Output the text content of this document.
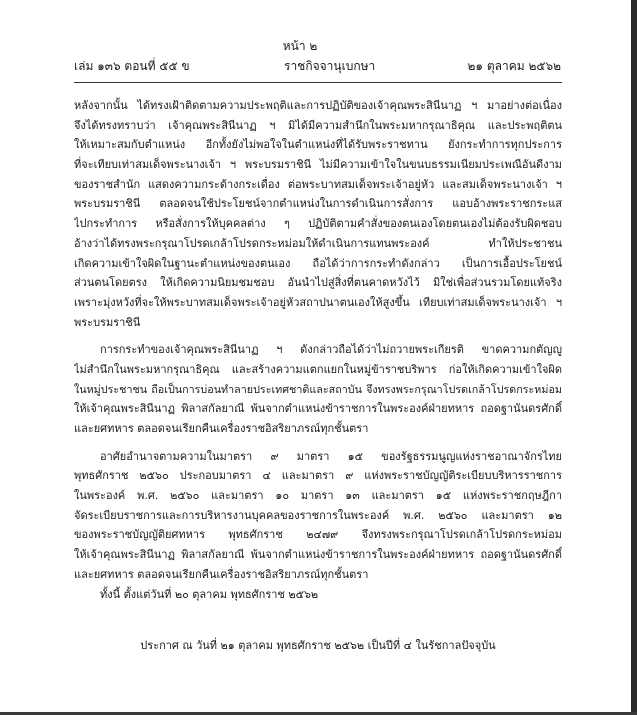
หน้า ๒
เล่ม ๑๓๖ ตอนที่ ๕๕ ข	ราชกิจจานุเบกษา	๒๑ ตุลาคม ๒๕๖๒
หลังจากนั้น ได้ทรงเฝ้าติดตามความประพฤติและการปฏิบัติของเจ้าคุณพระสินีนาฏ ฯ มาอย่างต่อเนื่อง
จึงได้ทรงทราบว่า เจ้าคุณพระสินีนาฏ ฯ มิได้มีความสำนึกในพระมหากรุณาธิคุณ และประพฤติตน
ให้เหมาะสมกับตำแหน่ง อีกทั้งยังไม่พอใจในตำแหน่งที่ได้รับพระราชทาน ยังกระทำการทุกประการ
ที่จะเทียบเท่าสมเด็จพระนางเจ้า ฯ พระบรมราชินี ไม่มีความเข้าใจในขนบธรรมเนียมประเพณีอันดีงาม
ของราชสำนัก แสดงความกระด้างกระเดื่อง ต่อพระบาทสมเด็จพระเจ้าอยู่หัว และสมเด็จพระนางเจ้า ฯ
พระบรมราชินี ตลอดจนใช้ประโยชน์จากตำแหน่งในการดำเนินการสั่งการ แอบอ้างพระราชกระแส
ไปกระทำการ หรือสั่งการให้บุคคลต่าง ๆ ปฏิบัติตามคำสั่งของตนเองโดยตนเองไม่ต้องรับผิดชอบ
อ้างว่าได้ทรงพระกรุณาโปรดเกล้าโปรดกระหม่อมให้ดำเนินการแทนพระองค์ ทำให้ประชาชน
เกิดความเข้าใจผิดในฐานะตำแหน่งของตนเอง ถือได้ว่าการกระทำดังกล่าว เป็นการเอื้อประโยชน์
ส่วนตนโดยตรง ให้เกิดความนิยมชมชอบ อันนำไปสู่สิ่งที่ตนคาดหวังไว้ มิใช่เพื่อส่วนรวมโดยแท้จริง
เพราะมุ่งหวังที่จะให้พระบาทสมเด็จพระเจ้าอยู่หัวสถาปนาตนเองให้สูงขึ้น เทียบเท่าสมเด็จพระนางเจ้า ฯ
พระบรมราชินี
การกระทำของเจ้าคุณพระสินีนาฏ ฯ ดังกล่าวถือได้ว่าไม่ถวายพระเกียรติ ขาดความกตัญญู
ไม่สำนึกในพระมหากรุณาธิคุณ และสร้างความแตกแยกในหมู่ข้าราชบริพาร ก่อให้เกิดความเข้าใจผิด
ในหมู่ประชาชน ถือเป็นการบ่อนทำลายประเทศชาติและสถาบัน จึงทรงพระกรุณาโปรดเกล้าโปรดกระหม่อม
ให้เจ้าคุณพระสินีนาฏ พิลาสกัลยาณี พ้นจากตำแหน่งข้าราชการในพระองค์ฝ่ายทหาร ถอดฐานันดรศักดิ์
และยศทหาร ตลอดจนเรียกคืนเครื่องราชอิสริยาภรณ์ทุกชั้นตรา
อาศัยอำนาจตามความในมาตรา ๙ มาตรา ๑๕ ของรัฐธรรมนูญแห่งราชอาณาจักรไทย
พุทธศักราช ๒๕๖๐ ประกอบมาตรา ๔ และมาตรา ๙ แห่งพระราชบัญญัติระเบียบบริหารราชการ
ในพระองค์ พ.ศ. ๒๕๖๐ และมาตรา ๑๐ มาตรา ๑๓ และมาตรา ๑๕ แห่งพระราชกฤษฎีกา
จัดระเบียบราชการและการบริหารงานบุคคลของราชการในพระองค์ พ.ศ. ๒๕๖๐ และมาตรา ๑๒
ของพระราชบัญญัติยศทหาร พุทธศักราช ๒๔๗๙ จึงทรงพระกรุณาโปรดเกล้าโปรดกระหม่อม
ให้เจ้าคุณพระสินีนาฏ พิลาสกัลยาณี พ้นจากตำแหน่งข้าราชการในพระองค์ฝ่ายทหาร ถอดฐานันดรศักดิ์
และยศทหาร ตลอดจนเรียกคืนเครื่องราชอิสริยาภรณ์ทุกชั้นตรา
ทั้งนี้ ตั้งแต่วันที่ ๒๐ ตุลาคม พุทธศักราช ๒๕๖๒
ประกาศ ณ วันที่ ๒๑ ตุลาคม พุทธศักราช ๒๕๖๒ เป็นปีที่ ๔ ในรัชกาลปัจจุบัน
